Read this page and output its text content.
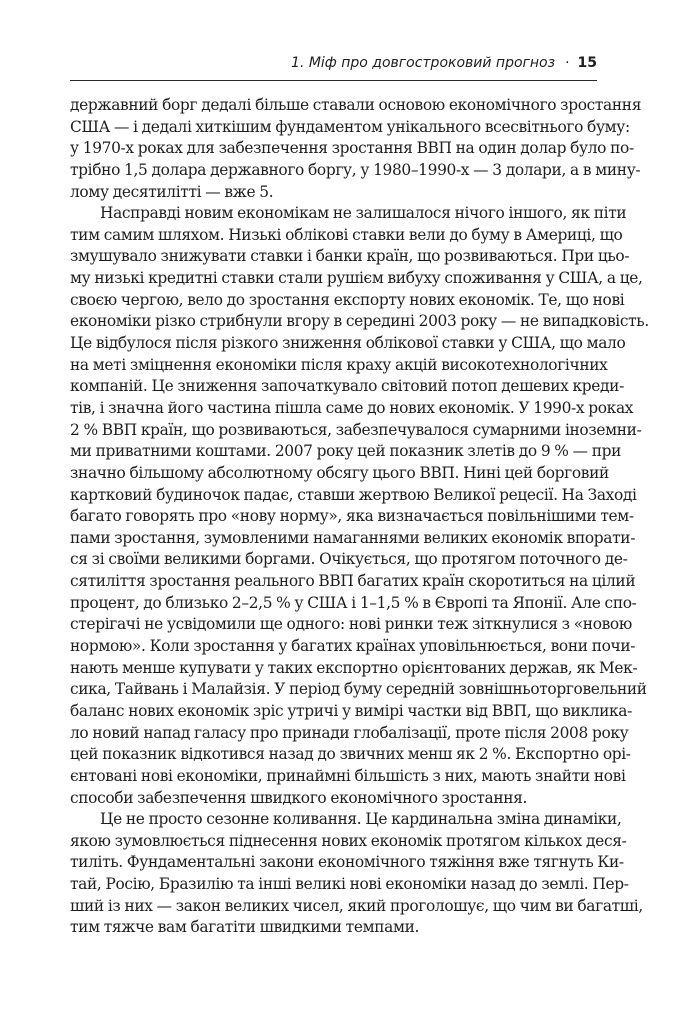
1. Міф про довгостроковий прогноз · 15

державний борг дедалі більше ставали основою економічного зростання
США — і дедалі хиткішим фундаментом унікального всесвітнього буму:
у 1970-х роках для забезпечення зростання ВВП на один долар було по-
трібно 1,5 долара державного боргу, у 1980–1990-х — 3 долари, а в мину-
лому десятилітті — вже 5.

Насправді новим економікам не залишалося нічого іншого, як піти
тим самим шляхом. Низькі облікові ставки вели до буму в Америці, що
змушувало знижувати ставки і банки країн, що розвиваються. При цьо-
му низькі кредитні ставки стали рушієм вибуху споживання у США, а це,
своєю чергою, вело до зростання експорту нових економік. Те, що нові
економіки різко стрибнули вгору в середині 2003 року — не випадковість.
Це відбулося після різкого зниження облікової ставки у США, що мало
на меті зміцнення економіки після краху акцій високотехнологічних
компаній. Це зниження започаткувало світовий потоп дешевих креди-
тів, і значна його частина пішла саме до нових економік. У 1990-х роках
2 % ВВП країн, що розвиваються, забезпечувалося сумарними іноземни-
ми приватними коштами. 2007 року цей показник злетів до 9 % — при
значно більшому абсолютному обсягу цього ВВП. Нині цей борговий
картковий будиночок падає, ставши жертвою Великої рецесії. На Заході
багато говорять про «нову норму», яка визначається повільнішими тем-
пами зростання, зумовленими намаганнями великих економік впорати-
ся зі своїми великими боргами. Очікується, що протягом поточного де-
сятиліття зростання реального ВВП багатих країн скоротиться на цілий
процент, до близько 2–2,5 % у США і 1–1,5 % в Європі та Японії. Але спо-
стерігачі не усвідомили ще одного: нові ринки теж зіткнулися з «новою
нормою». Коли зростання у багатих країнах уповільнюється, вони почи-
нають менше купувати у таких експортно орієнтованих держав, як Мек-
сика, Тайвань і Малайзія. У період буму середній зовнішньоторговельний
баланс нових економік зріс утричі у вимірі частки від ВВП, що викликa-
ло новий напад галасу про принади глобалізації, проте після 2008 року
цей показник відкотився назад до звичних менш як 2 %. Експортно орі-
єнтовані нові економіки, принаймні більшість з них, мають знайти нові
способи забезпечення швидкого економічного зростання.

Це не просто сезонне коливання. Це кардинальна зміна динаміки,
якою зумовлюється піднесення нових економік протягом кількох деся-
тиліть. Фундаментальні закони економічного тяжіння вже тягнуть Ки-
тай, Росію, Бразилію та інші великі нові економіки назад до землі. Пер-
ший із них — закон великих чисел, який проголошує, що чим ви багатші,
тим тяжче вам багатіти швидкими темпами.
